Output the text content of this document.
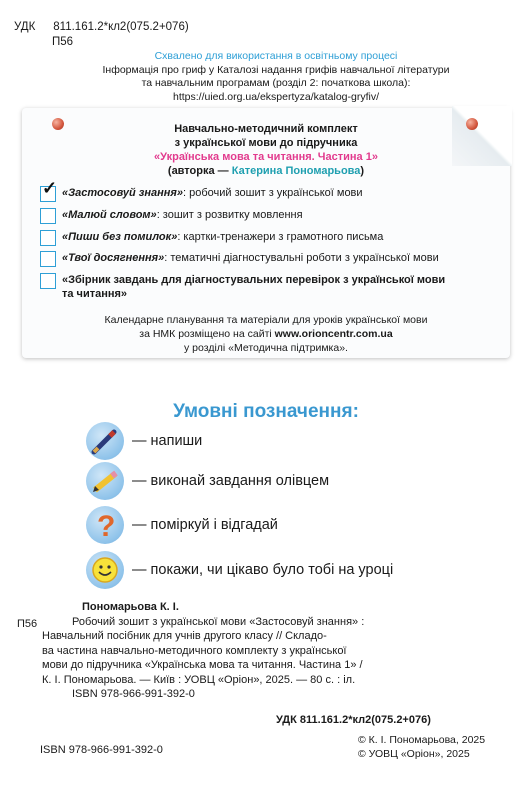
УДК 811.161.2*кл2(075.2+076)
П56
Схвалено для використання в освітньому процесі
Інформація про гриф у Каталозі надання грифів навчальної літератури
та навчальним програмам (розділ 2: початкова школа):
https://uied.org.ua/ekspertyza/katalog-gryfiv/
Навчально-методичний комплект
з української мови до підручника
«Українська мова та читання. Частина 1»
(авторка — Катерина Пономарьова)
✓ «Застосовуй знання»: робочий зошит з української мови
«Малюй словом»: зошит з розвитку мовлення
«Пиши без помилок»: картки-тренажери з грамотного письма
«Твої досягнення»: тематичні діагностувальні роботи з української мови
«Збірник завдань для діагностувальних перевірок з української мови
та читання»
Календарне планування та матеріали для уроків української мови
за НМК розміщено на сайті www.orioncentr.com.ua
у розділі «Методична підтримка».
Умовні позначення:
— напиши
— виконай завдання олівцем
? — поміркуй і відгадай
— покажи, чи цікаво було тобі на уроці
Пономарьова К. І.
П56	Робочий зошит з української мови «Застосовуй знання» :
Навчальний посібник для учнів другого класу // Складо-
ва частина навчально-методичного комплекту з української
мови до підручника «Українська мова та читання. Частина 1» /
К. І. Пономарьова. — Київ : УОВЦ «Оріон», 2025. — 80 с. : іл.
ISBN 978-966-991-392-0
УДК 811.161.2*кл2(075.2+076)
ISBN 978-966-991-392-0
© К. І. Пономарьова, 2025
© УОВЦ «Оріон», 2025
